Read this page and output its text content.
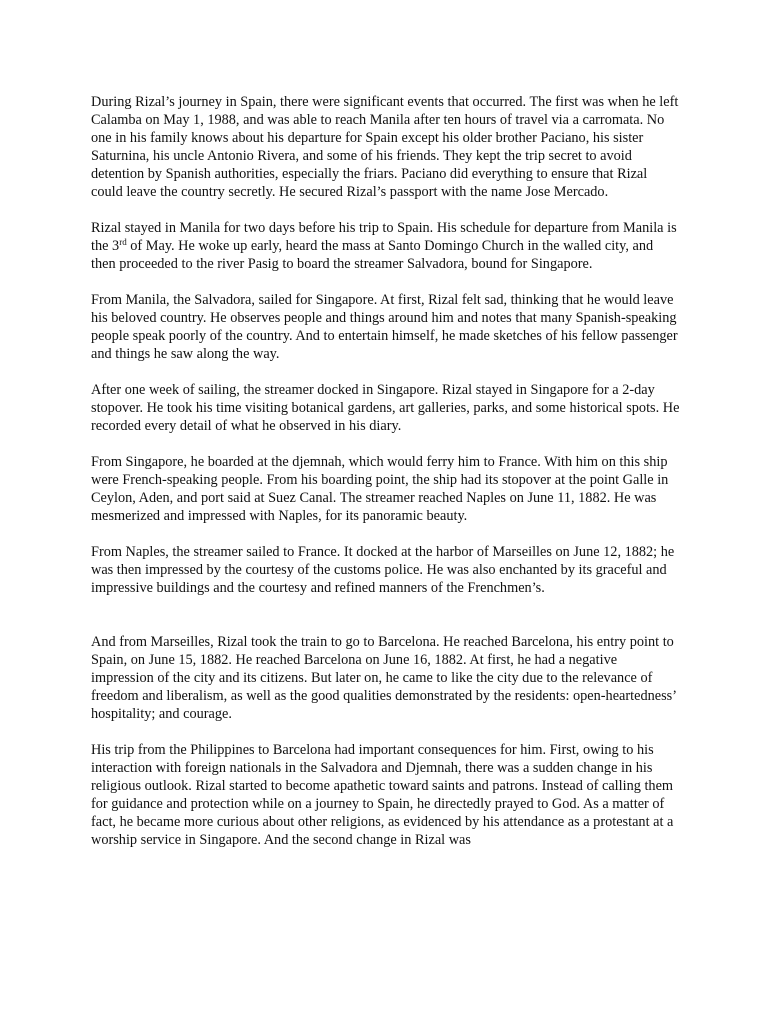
During Rizal’s journey in Spain, there were significant events that occurred. The first was when he left Calamba on May 1, 1988, and was able to reach Manila after ten hours of travel via a carromata. No one in his family knows about his departure for Spain except his older brother Paciano, his sister Saturnina, his uncle Antonio Rivera, and some of his friends. They kept the trip secret to avoid detention by Spanish authorities, especially the friars. Paciano did everything to ensure that Rizal could leave the country secretly. He secured Rizal’s passport with the name Jose Mercado.

Rizal stayed in Manila for two days before his trip to Spain. His schedule for departure from Manila is the 3rd of May. He woke up early, heard the mass at Santo Domingo Church in the walled city, and then proceeded to the river Pasig to board the streamer Salvadora, bound for Singapore.

From Manila, the Salvadora, sailed for Singapore. At first, Rizal felt sad, thinking that he would leave his beloved country. He observes people and things around him and notes that many Spanish-speaking people speak poorly of the country. And to entertain himself, he made sketches of his fellow passenger and things he saw along the way.

After one week of sailing, the streamer docked in Singapore. Rizal stayed in Singapore for a 2-day stopover. He took his time visiting botanical gardens, art galleries, parks, and some historical spots. He recorded every detail of what he observed in his diary.

From Singapore, he boarded at the djemnah, which would ferry him to France. With him on this ship were French-speaking people. From his boarding point, the ship had its stopover at the point Galle in Ceylon, Aden, and port said at Suez Canal. The streamer reached Naples on June 11, 1882. He was mesmerized and impressed with Naples, for its panoramic beauty.

From Naples, the streamer sailed to France. It docked at the harbor of Marseilles on June 12, 1882; he was then impressed by the courtesy of the customs police. He was also enchanted by its graceful and impressive buildings and the courtesy and refined manners of the Frenchmen’s.

And from Marseilles, Rizal took the train to go to Barcelona. He reached Barcelona, his entry point to Spain, on June 15, 1882. He reached Barcelona on June 16, 1882. At first, he had a negative impression of the city and its citizens. But later on, he came to like the city due to the relevance of freedom and liberalism, as well as the good qualities demonstrated by the residents: open-heartedness’ hospitality; and courage.

His trip from the Philippines to Barcelona had important consequences for him. First, owing to his interaction with foreign nationals in the Salvadora and Djemnah, there was a sudden change in his religious outlook. Rizal started to become apathetic toward saints and patrons. Instead of calling them for guidance and protection while on a journey to Spain, he directedly prayed to God. As a matter of fact, he became more curious about other religions, as evidenced by his attendance as a protestant at a worship service in Singapore. And the second change in Rizal was
